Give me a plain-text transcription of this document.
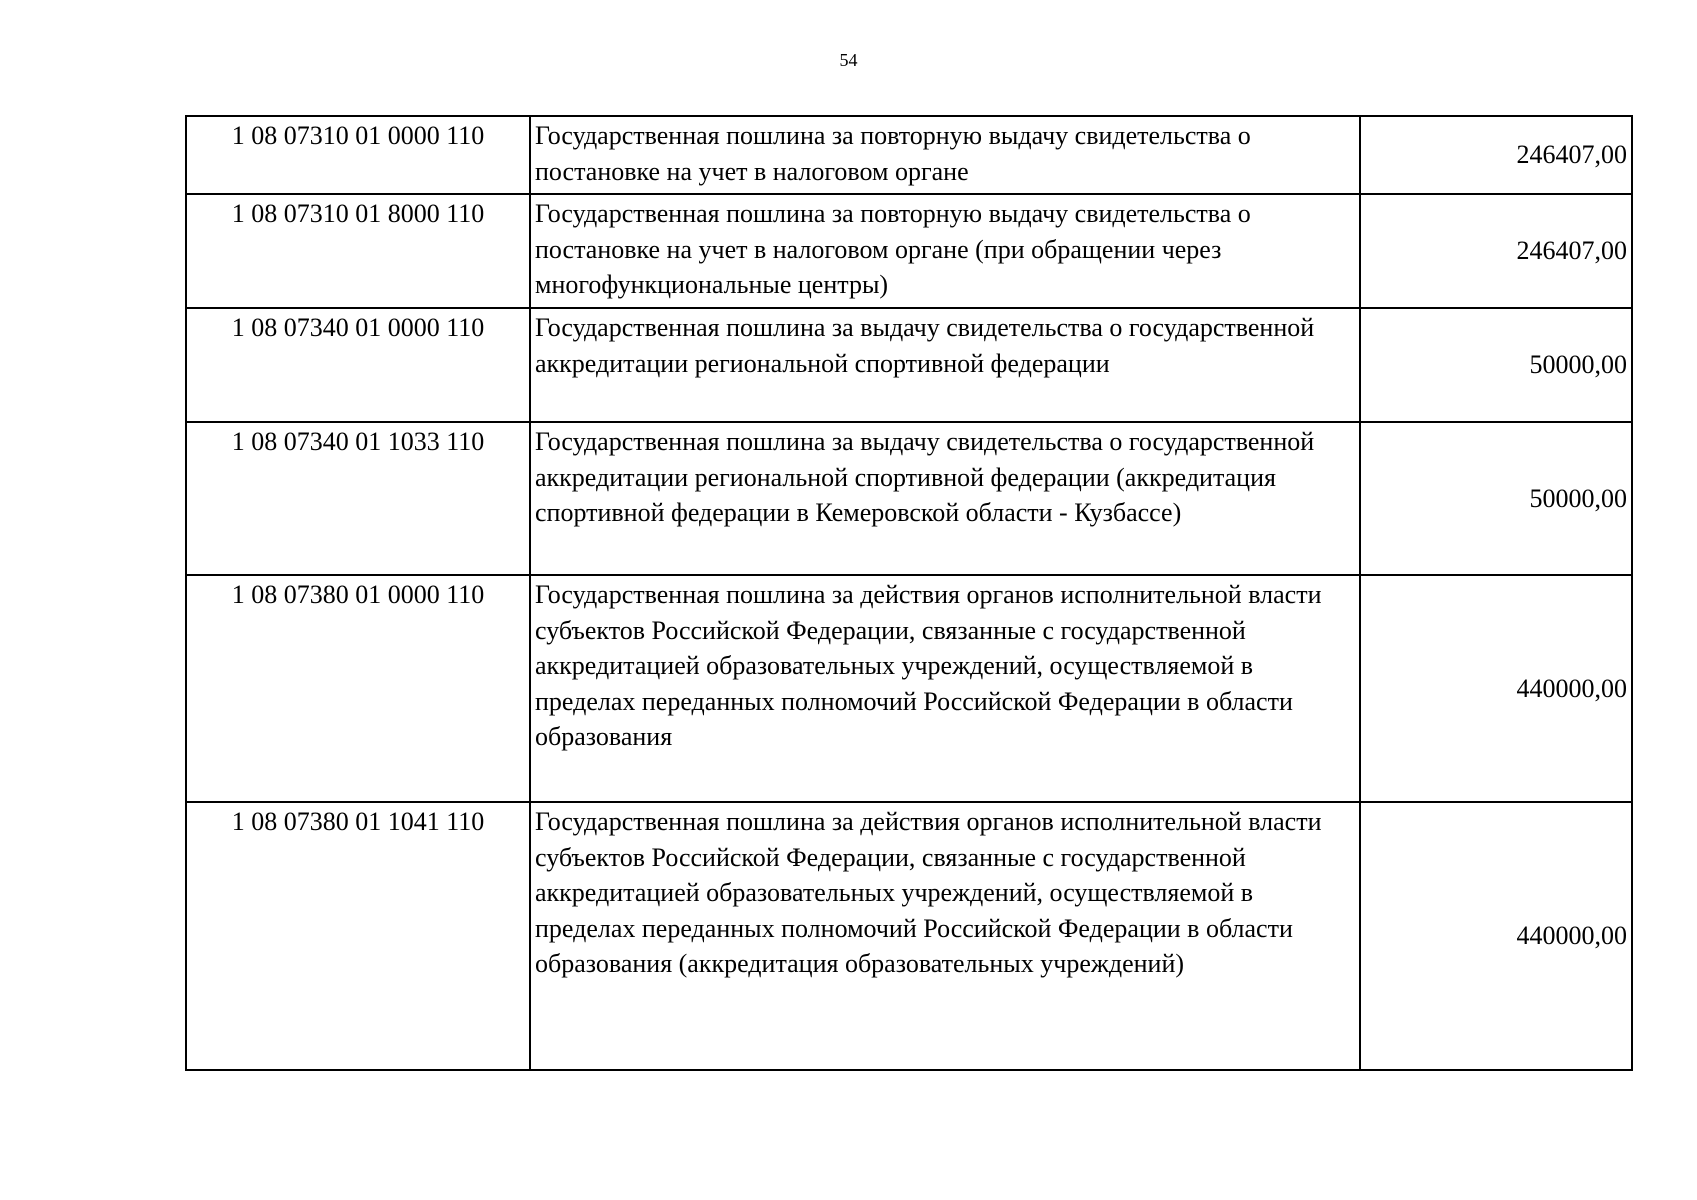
54
1 08 07310 01 0000 110	Государственная пошлина за повторную выдачу свидетельства о постановке на учет в налоговом органе	246407,00
1 08 07310 01 8000 110	Государственная пошлина за повторную выдачу свидетельства о постановке на учет в налоговом органе (при обращении через многофункциональные центры)	246407,00
1 08 07340 01 0000 110	Государственная пошлина за выдачу свидетельства о государственной аккредитации региональной спортивной федерации	50000,00
1 08 07340 01 1033 110	Государственная пошлина за выдачу свидетельства о государственной аккредитации региональной спортивной федерации (аккредитация спортивной федерации в Кемеровской области - Кузбассе)	50000,00
1 08 07380 01 0000 110	Государственная пошлина за действия органов исполнительной власти субъектов Российской Федерации, связанные с государственной аккредитацией образовательных учреждений, осуществляемой в пределах переданных полномочий Российской Федерации в области образования	440000,00
1 08 07380 01 1041 110	Государственная пошлина за действия органов исполнительной власти субъектов Российской Федерации, связанные с государственной аккредитацией образовательных учреждений, осуществляемой в пределах переданных полномочий Российской Федерации в области образования (аккредитация образовательных учреждений)	440000,00
